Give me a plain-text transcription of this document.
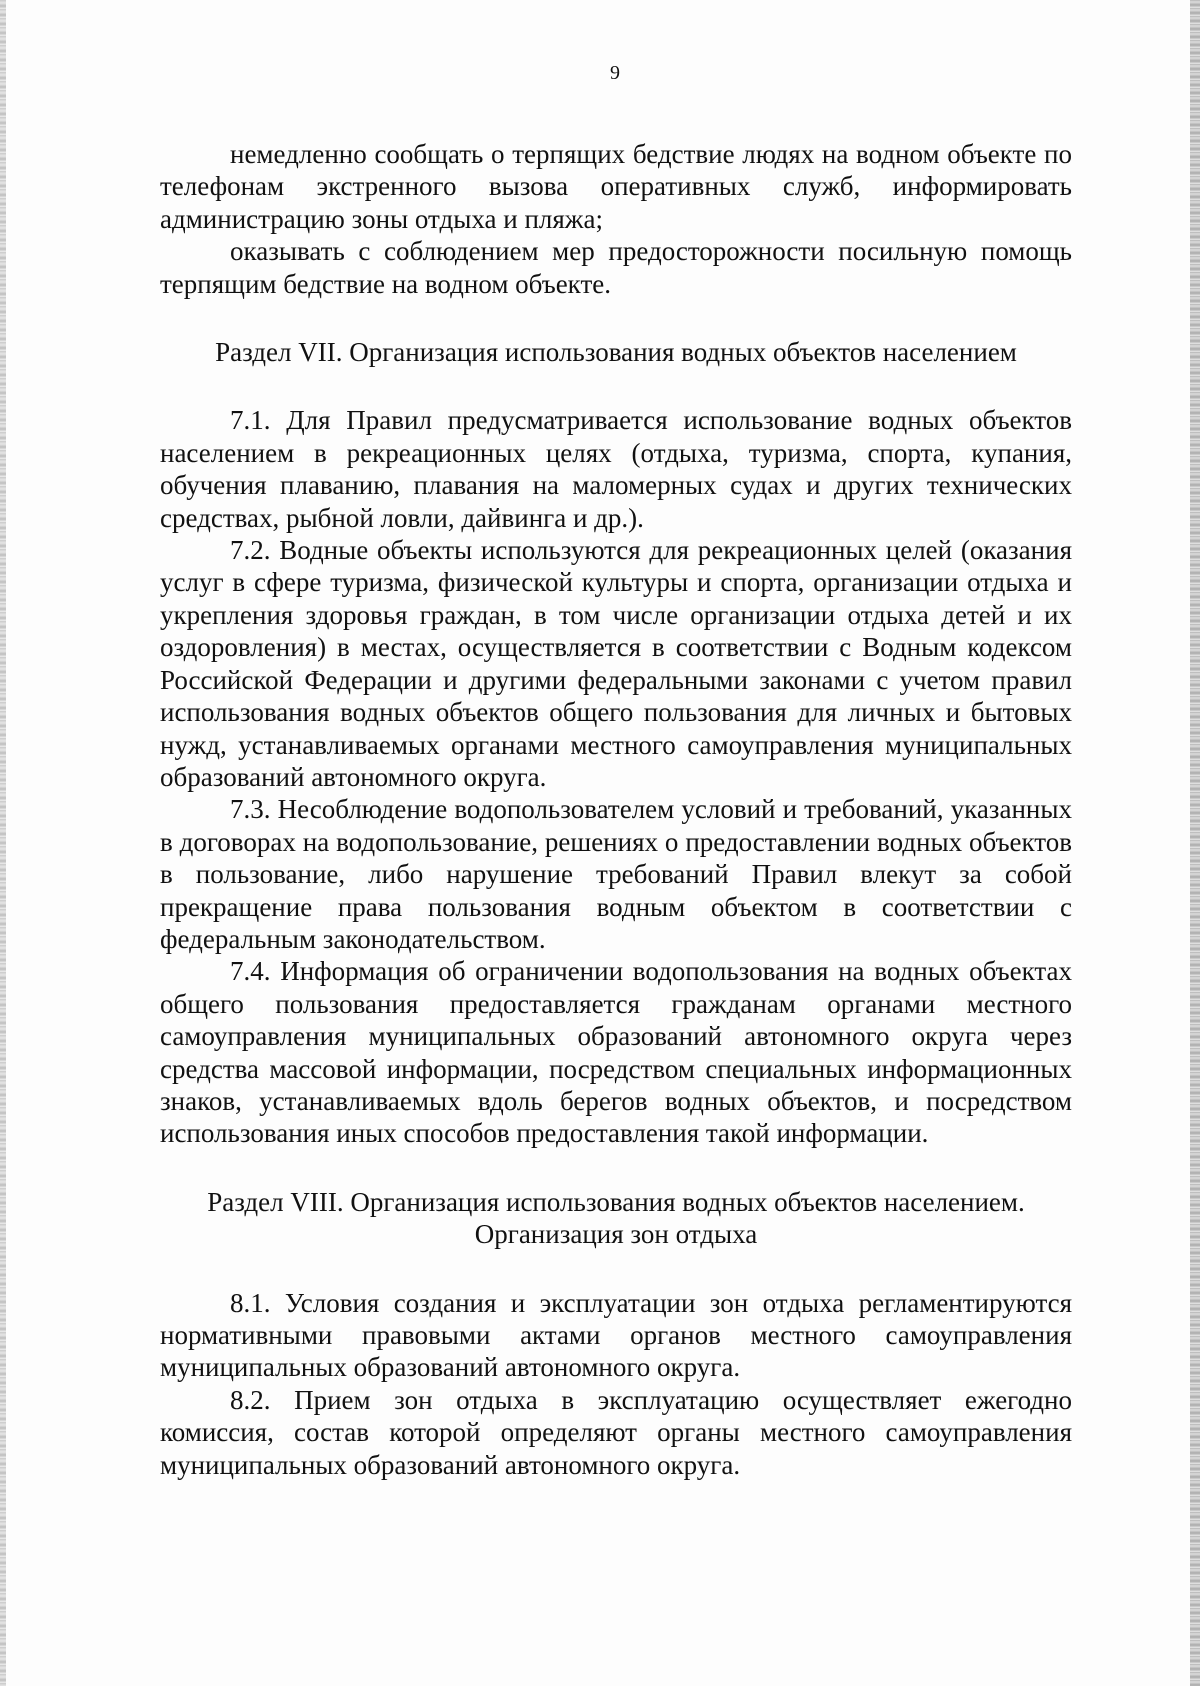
9

немедленно сообщать о терпящих бедствие людях на водном объекте по телефонам экстренного вызова оперативных служб, информировать администрацию зоны отдыха и пляжа;

оказывать с соблюдением мер предосторожности посильную помощь терпящим бедствие на водном объекте.

Раздел VII. Организация использования водных объектов населением

7.1. Для Правил предусматривается использование водных объектов населением в рекреационных целях (отдыха, туризма, спорта, купания, обучения плаванию, плавания на маломерных судах и других технических средствах, рыбной ловли, дайвинга и др.).

7.2. Водные объекты используются для рекреационных целей (оказания услуг в сфере туризма, физической культуры и спорта, организации отдыха и укрепления здоровья граждан, в том числе организации отдыха детей и их оздоровления) в местах, осуществляется в соответствии с Водным кодексом Российской Федерации и другими федеральными законами с учетом правил использования водных объектов общего пользования для личных и бытовых нужд, устанавливаемых органами местного самоуправления муниципальных образований автономного округа.

7.3. Несоблюдение водопользователем условий и требований, указанных в договорах на водопользование, решениях о предоставлении водных объектов в пользование, либо нарушение требований Правил влекут за собой прекращение права пользования водным объектом в соответствии с федеральным законодательством.

7.4. Информация об ограничении водопользования на водных объектах общего пользования предоставляется гражданам органами местного самоуправления муниципальных образований автономного округа через средства массовой информации, посредством специальных информационных знаков, устанавливаемых вдоль берегов водных объектов, и посредством использования иных способов предоставления такой информации.

Раздел VIII. Организация использования водных объектов населением.
Организация зон отдыха

8.1. Условия создания и эксплуатации зон отдыха регламентируются нормативными правовыми актами органов местного самоуправления муниципальных образований автономного округа.

8.2. Прием зон отдыха в эксплуатацию осуществляет ежегодно комиссия, состав которой определяют органы местного самоуправления муниципальных образований автономного округа.
